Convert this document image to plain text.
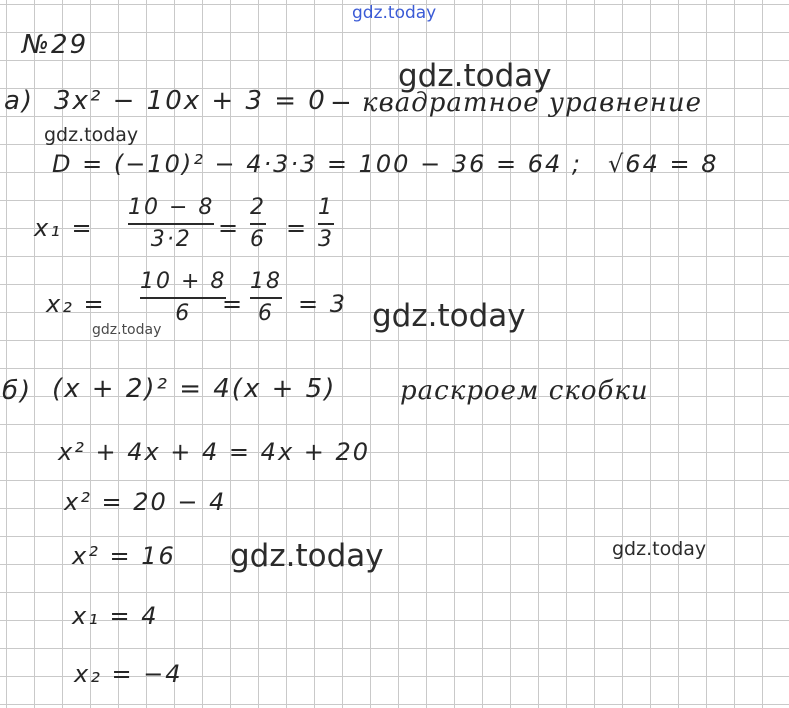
gdz.today
gdz.today
gdz.today
gdz.today	gdz.today
gdz.today	gdz.today
№29
а) 3x² − 10x + 3 = 0 − квадратное уравнение
D = (−10)² − 4·3·3 = 100 − 36 = 64 ; √64 = 8
x₁ =
10 − 8
3·2 =
2
6 =
1
3
x₂ =
10 + 8
6 =
18
6 = 3
б) (x + 2)² = 4(x + 5) раскроем скобки
x² + 4x + 4 = 4x + 20
x² = 20 − 4
x² = 16
x₁ = 4
x₂ = −4
